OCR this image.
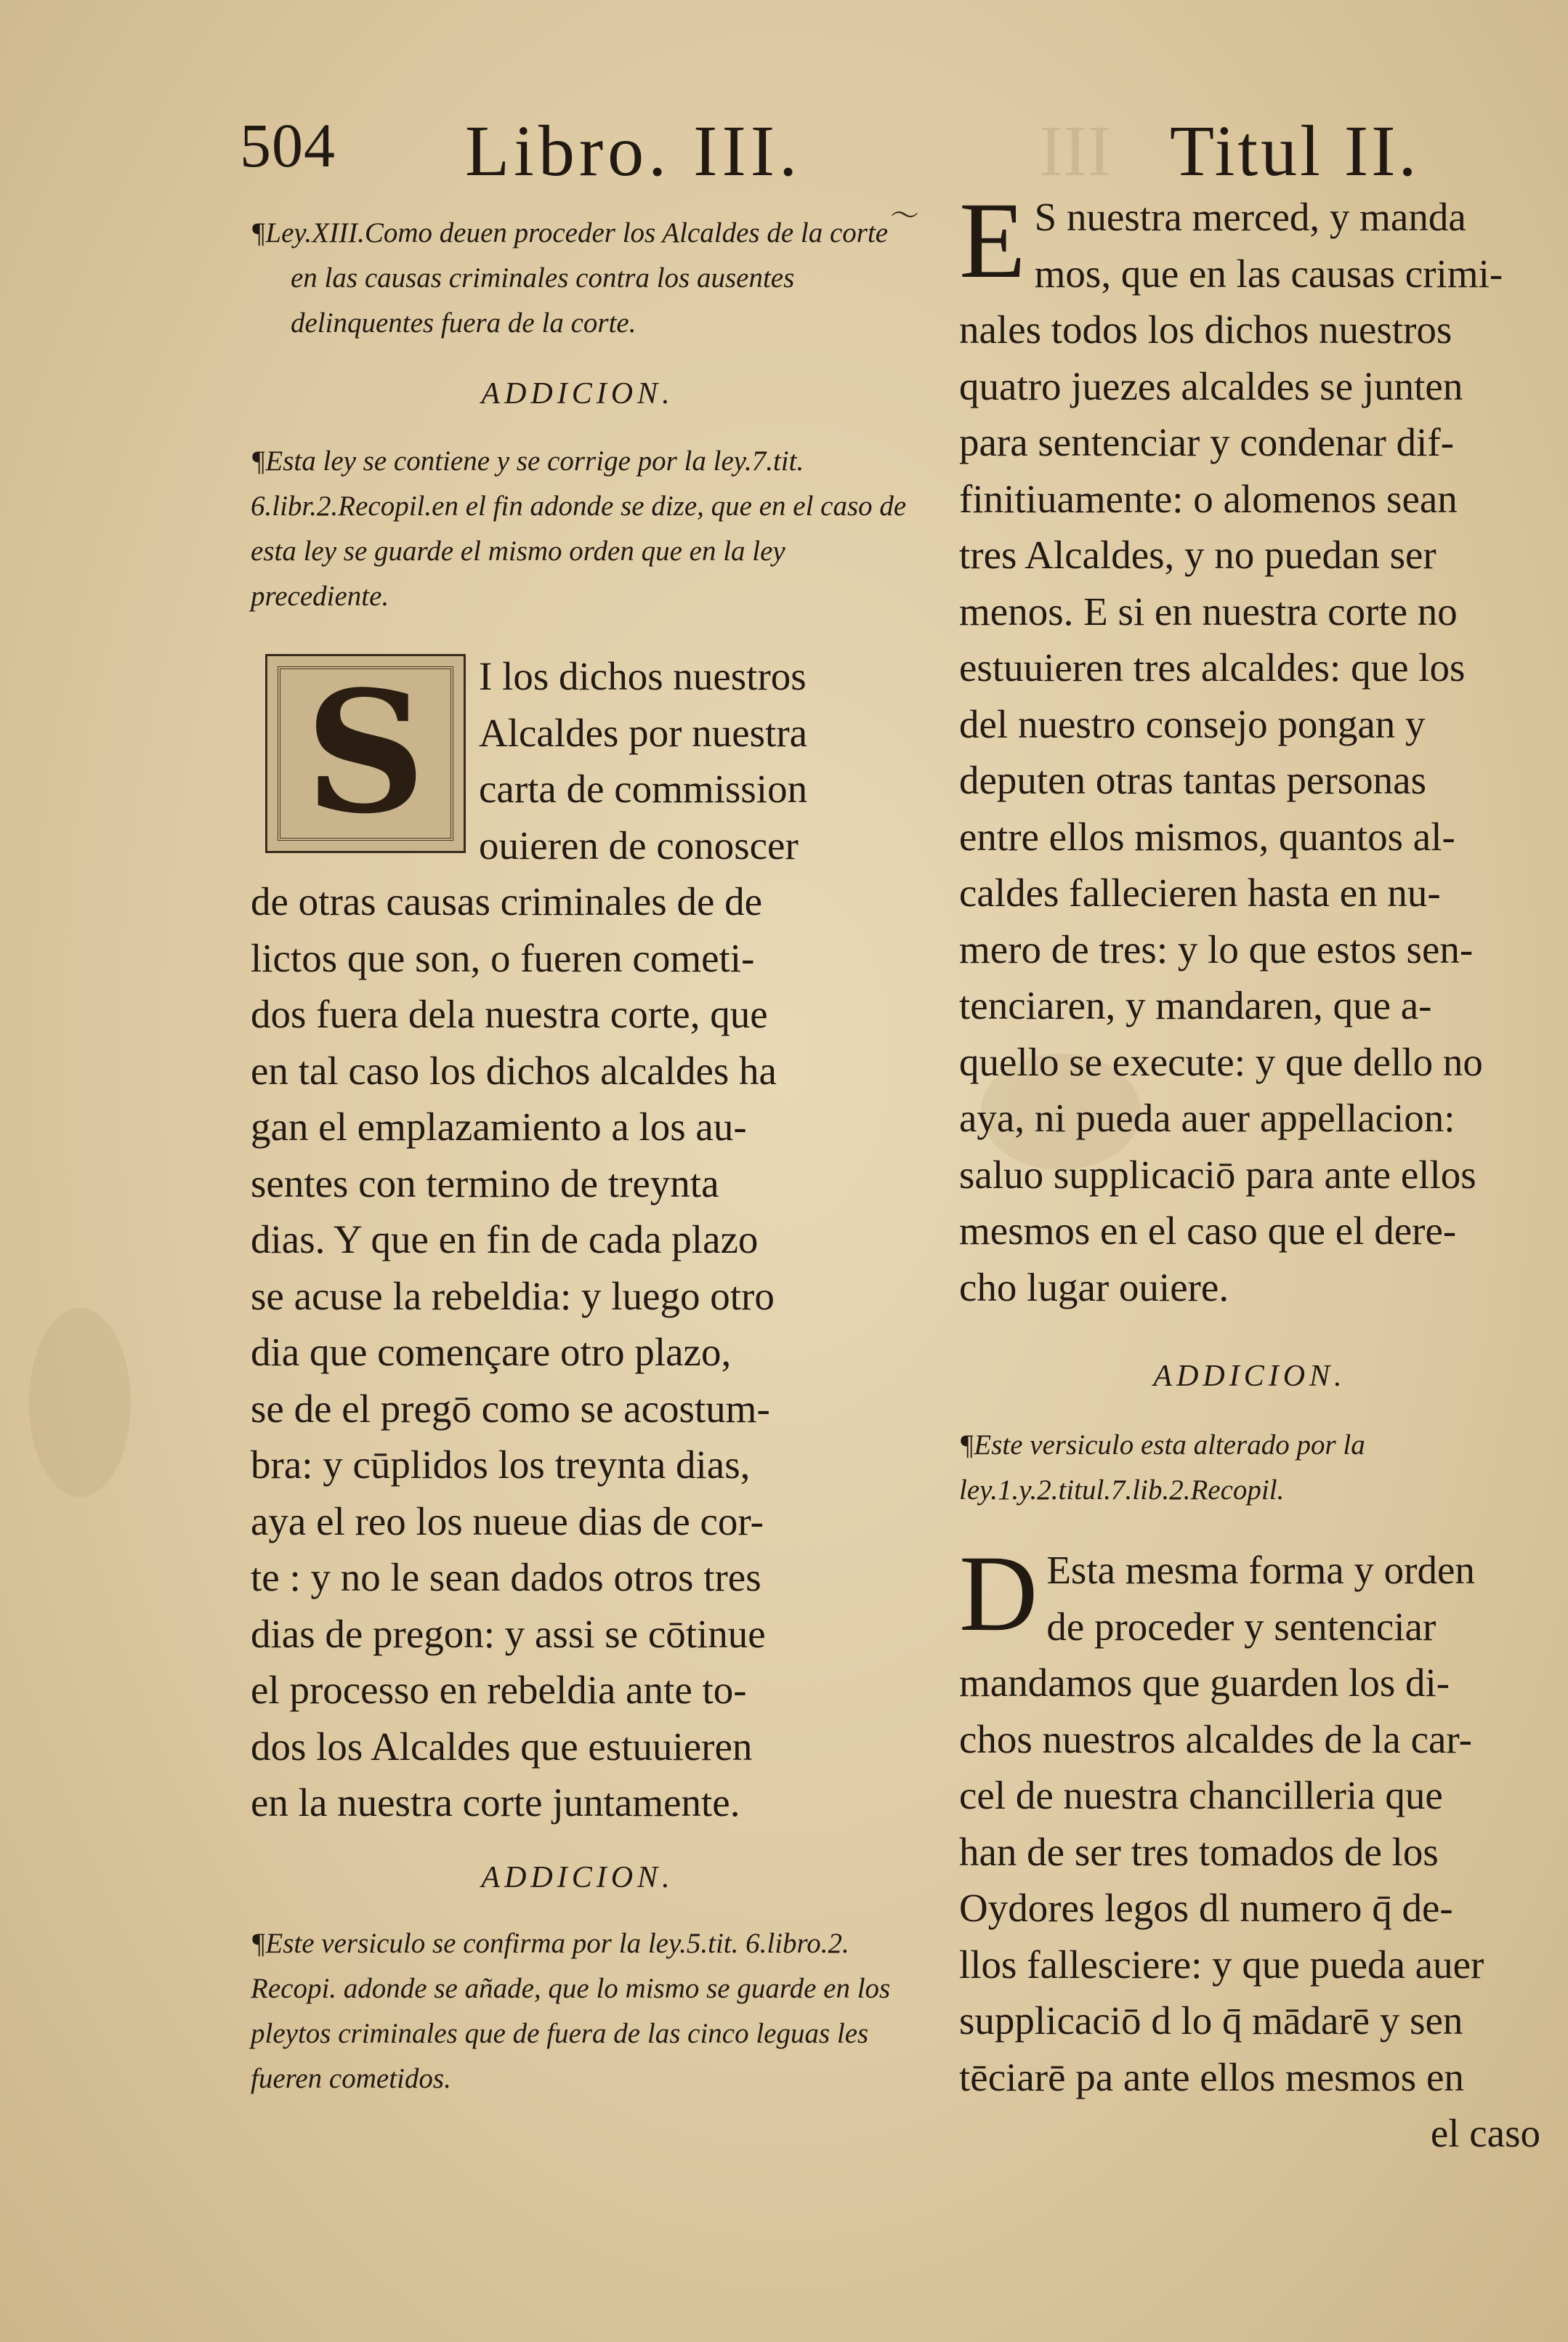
504 Libro. III.	III Titul II.
〜

¶Ley.XIII.Como deuen proceder los Alcaldes de la corte en las causas criminales contra los ausentes delinquentes fuera de la corte.

ADDICION.

¶Esta ley se contiene y se corrige por la ley.7.tit. 6.libr.2.Recopil.en el fin adonde se dize, que en el caso de esta ley se guarde el mismo orden que en la ley precediente.

S	I los dichos nuestros
Alcaldes por nuestra
carta de commission
ouieren de conoscer
de otras causas criminales de de
lictos que son, o fueren cometi-
dos fuera dela nuestra corte, que
en tal caso los dichos alcaldes ha
gan el emplazamiento a los au-
sentes con termino de treynta
dias. Y que en fin de cada plazo
se acuse la rebeldia: y luego otro
dia que començare otro plazo,
se de el pregō como se acostum-
bra: y cūplidos los treynta dias,
aya el reo los nueue dias de cor-
te : y no le sean dados otros tres
dias de pregon: y assi se cōtinue
el processo en rebeldia ante to-
dos los Alcaldes que estuuieren
en la nuestra corte juntamente.

ADDICION.

¶Este versiculo se confirma por la ley.5.tit. 6.libro.2. Recopi. adonde se añade, que lo mismo se guarde en los pleytos criminales que de fuera de las cinco leguas les fueren cometidos.

E S nuestra merced, y manda
mos, que en las causas crimi-
nales todos los dichos nuestros
quatro juezes alcaldes se junten
para sentenciar y condenar dif-
finitiuamente: o alomenos sean
tres Alcaldes, y no puedan ser
menos. E si en nuestra corte no
estuuieren tres alcaldes: que los
del nuestro consejo pongan y
deputen otras tantas personas
entre ellos mismos, quantos al-
caldes fallecieren hasta en nu-
mero de tres: y lo que estos sen-
tenciaren, y mandaren, que a-
quello se execute: y que dello no
aya, ni pueda auer appellacion:
saluo supplicaciō para ante ellos
mesmos en el caso que el dere-
cho lugar ouiere.

ADDICION.

¶Este versiculo esta alterado por la ley.1.y.2.titul.7.lib.2.Recopil.

D Esta mesma forma y orden
de proceder y sentenciar
mandamos que guarden los di-
chos nuestros alcaldes de la car-
cel de nuestra chancilleria que
han de ser tres tomados de los
Oydores legos dl numero q̄ de-
llos fallesciere: y que pueda auer
supplicaciō d lo q̄ mādarē y sen
tēciarē pa ante ellos mesmos en
el caso
